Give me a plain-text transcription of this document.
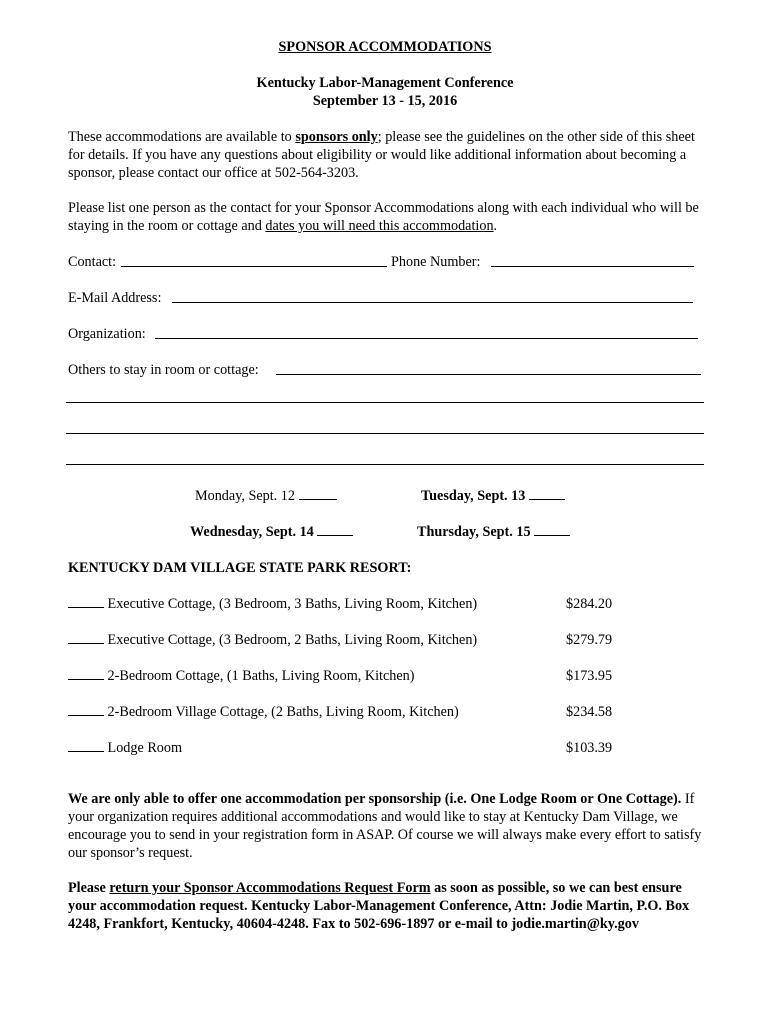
SPONSOR ACCOMMODATIONS
Kentucky Labor-Management Conference
September 13 - 15, 2016
These accommodations are available to sponsors only; please see the guidelines on the other side of this sheet for details. If you have any questions about eligibility or would like additional information about becoming a sponsor, please contact our office at 502-564-3203.
Please list one person as the contact for your Sponsor Accommodations along with each individual who will be staying in the room or cottage and dates you will need this accommodation.
Contact:	Phone Number:
E-Mail Address:
Organization:
Others to stay in room or cottage:
Monday, Sept. 12	Tuesday, Sept. 13
Wednesday, Sept. 14	Thursday, Sept. 15
KENTUCKY DAM VILLAGE STATE PARK RESORT:
Executive Cottage, (3 Bedroom, 3 Baths, Living Room, Kitchen)	$284.20
Executive Cottage, (3 Bedroom, 2 Baths, Living Room, Kitchen)	$279.79
2-Bedroom Cottage, (1 Baths, Living Room, Kitchen)	$173.95
2-Bedroom Village Cottage, (2 Baths, Living Room, Kitchen)	$234.58
Lodge Room	$103.39
We are only able to offer one accommodation per sponsorship (i.e. One Lodge Room or One Cottage). If your organization requires additional accommodations and would like to stay at Kentucky Dam Village, we encourage you to send in your registration form in ASAP. Of course we will always make every effort to satisfy our sponsor’s request.
Please return your Sponsor Accommodations Request Form as soon as possible, so we can best ensure your accommodation request. Kentucky Labor-Management Conference, Attn: Jodie Martin, P.O. Box 4248, Frankfort, Kentucky, 40604-4248. Fax to 502-696-1897 or e-mail to jodie.martin@ky.gov
